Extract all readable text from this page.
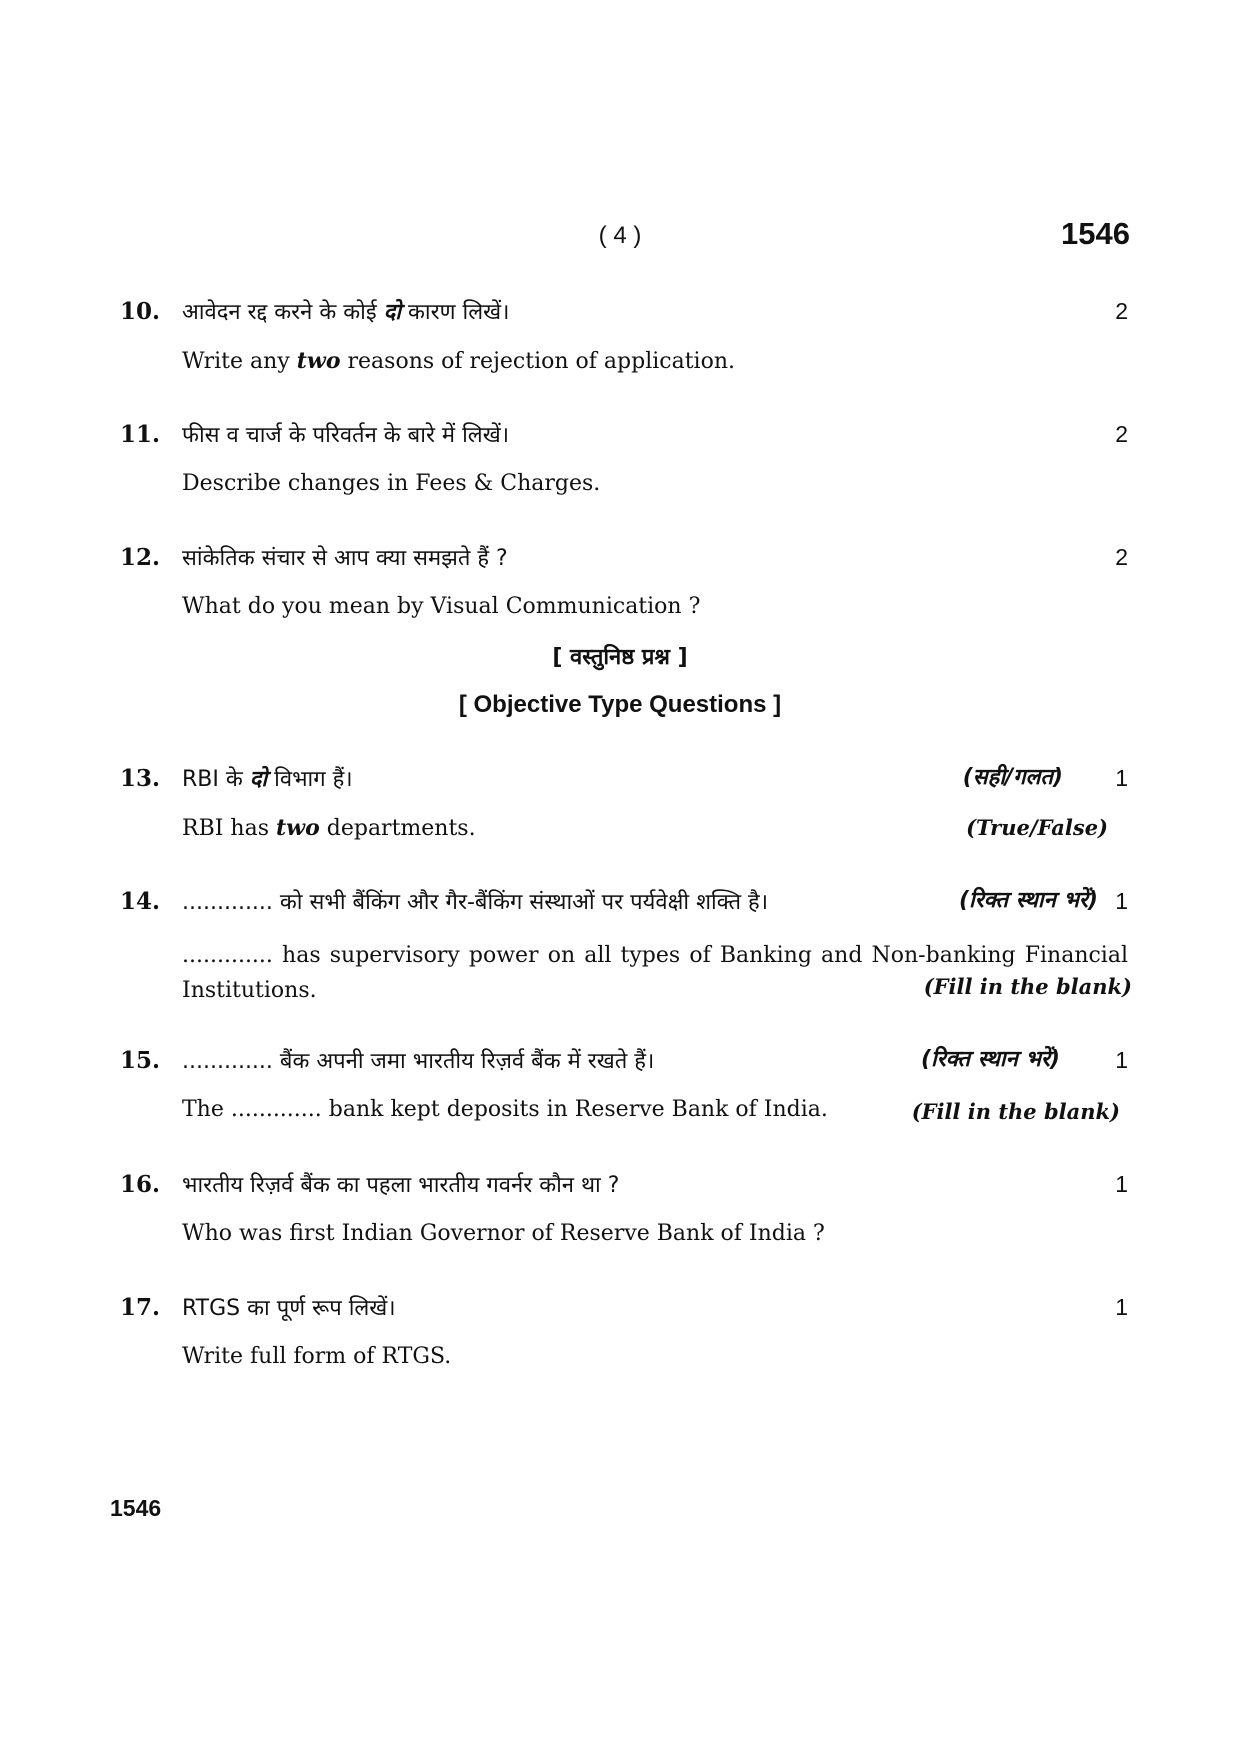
( 4 )	1546
10. आवेदन रद्द करने के कोई दो कारण लिखें।
Write any two reasons of rejection of application.
2
11. फीस व चार्ज के परिवर्तन के बारे में लिखें।
Describe changes in Fees & Charges.
2
12. सांकेतिक संचार से आप क्या समझते हैं ?
What do you mean by Visual Communication ?
2
[ वस्तुनिष्ठ प्रश्न ]
[ Objective Type Questions ]
13. RBI के दो विभाग हैं।
RBI has two departments.
(सही/गलत)
(True/False)
1
14. ............. को सभी बैंकिंग और गैर-बैंकिंग संस्थाओं पर पर्यवेक्षी शक्ति है।	(रिक्त स्थान भरें) 1
............. has supervisory power on all types of Banking and Non-banking Financial Institutions.	(Fill in the blank)
15. ............. बैंक अपनी जमा भारतीय रिज़र्व बैंक में रखते हैं।	(रिक्त स्थान भरें) 1
The ............. bank kept deposits in Reserve Bank of India.	(Fill in the blank)
16. भारतीय रिज़र्व बैंक का पहला भारतीय गवर्नर कौन था ?
Who was first Indian Governor of Reserve Bank of India ?
1
17. RTGS का पूर्ण रूप लिखें।
Write full form of RTGS.
1
1546
